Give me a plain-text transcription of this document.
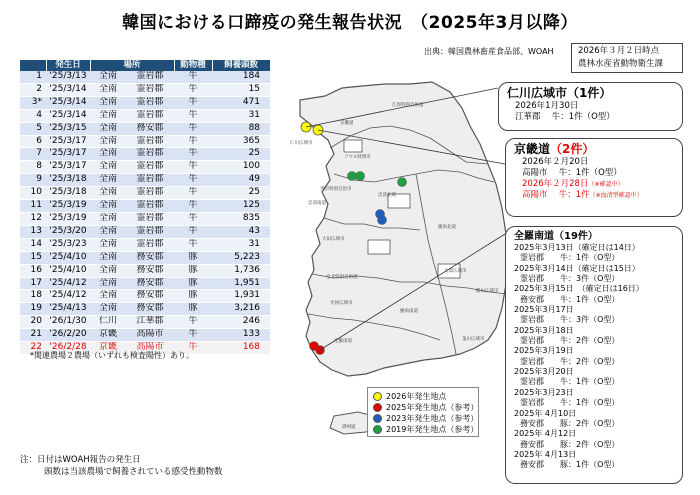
韓国における口蹄疫の発生報告状況　（2025年3月以降）
出典：韓国農林畜産食品部、WOAH	2026年３月２日時点
農林水産省動物衛生課
	発生日	場所		動物種	飼養頭数
1	'25/3/13	全南	霊岩郡	牛	184
2	'25/3/14	全南	霊岩郡	牛	15
3*	'25/3/14	全南	霊岩郡	牛	471
4	'25/3/14	全南	霊岩郡	牛	31
5	'25/3/15	全南	務安郡	牛	88
6	'25/3/17	全南	霊岩郡	牛	365
7	'25/3/17	全南	霊岩郡	牛	25
8	'25/3/17	全南	霊岩郡	牛	100
9	'25/3/18	全南	霊岩郡	牛	49
10	'25/3/18	全南	霊岩郡	牛	25
11	'25/3/19	全南	霊岩郡	牛	125
12	'25/3/19	全南	霊岩郡	牛	835
13	'25/3/20	全南	霊岩郡	牛	43
14	'25/3/23	全南	霊岩郡	牛	31
15	'25/4/10	全南	務安郡	豚	5,223
16	'25/4/10	全南	務安郡	豚	1,736
17	'25/4/12	全南	務安郡	豚	1,951
18	'25/4/12	全南	務安郡	豚	1,931
19	'25/4/13	全南	務安郡	豚	3,216
20	'26/1/30	仁川	江華郡	牛	246
21	'26/2/20	京畿	高陽市	牛	133
22	'26/2/28	京畿	高陽市	牛	168
*関連農場２農場（いずれも検査陽性）あり。
注：日付はWOAH報告の発生日
頭数は当該農場で飼養されている感受性動物数
江原特別自治道
京畿道
仁川広域市
ソウル特別市
忠清北道
世宗特別自治市
忠清南道
大田広域市
慶尚北道
大邱広域市
全北特別自治道
光州広域市
蔚山広域市
全羅南道
慶尚南道
釜山広域市
済州道
2026年発生地点
2025年発生地点（参考）
2023年発生地点（参考）
2019年発生地点（参考）
仁川広域市（1件）
2026年1月30日
江華郡　 牛：1件（O型）
京畿道（2件）
2026年２月20日
高陽市　 牛：1件（O型）
2026年２月28日（※確認中）
高陽市　 牛：1件（※血清型確認中）
全羅南道（19件）
2025年3月13日（確定日は14日）
霊岩郡　　牛：1件（O型）
2025年3月14日（確定日は15日）
霊岩郡　　牛：3件（O型）
2025年3月15日　（確定日は16日）
務安郡　　牛：1件（O型）
2025年3月17日
霊岩郡　　牛：3件（O型）
2025年3月18日
霊岩郡　　牛：2件（O型）
2025年3月19日
霊岩郡　　牛：2件（O型）
2025年3月20日
霊岩郡　　牛：1件（O型）
2025年3月23日
霊岩郡　　牛：1件（O型）
2025年 4月10日
務安郡　　豚：2件（O型）
2025年 4月12日
務安郡　　豚：2件（O型）
2025年 4月13日
務安郡　　豚：1件（O型）
